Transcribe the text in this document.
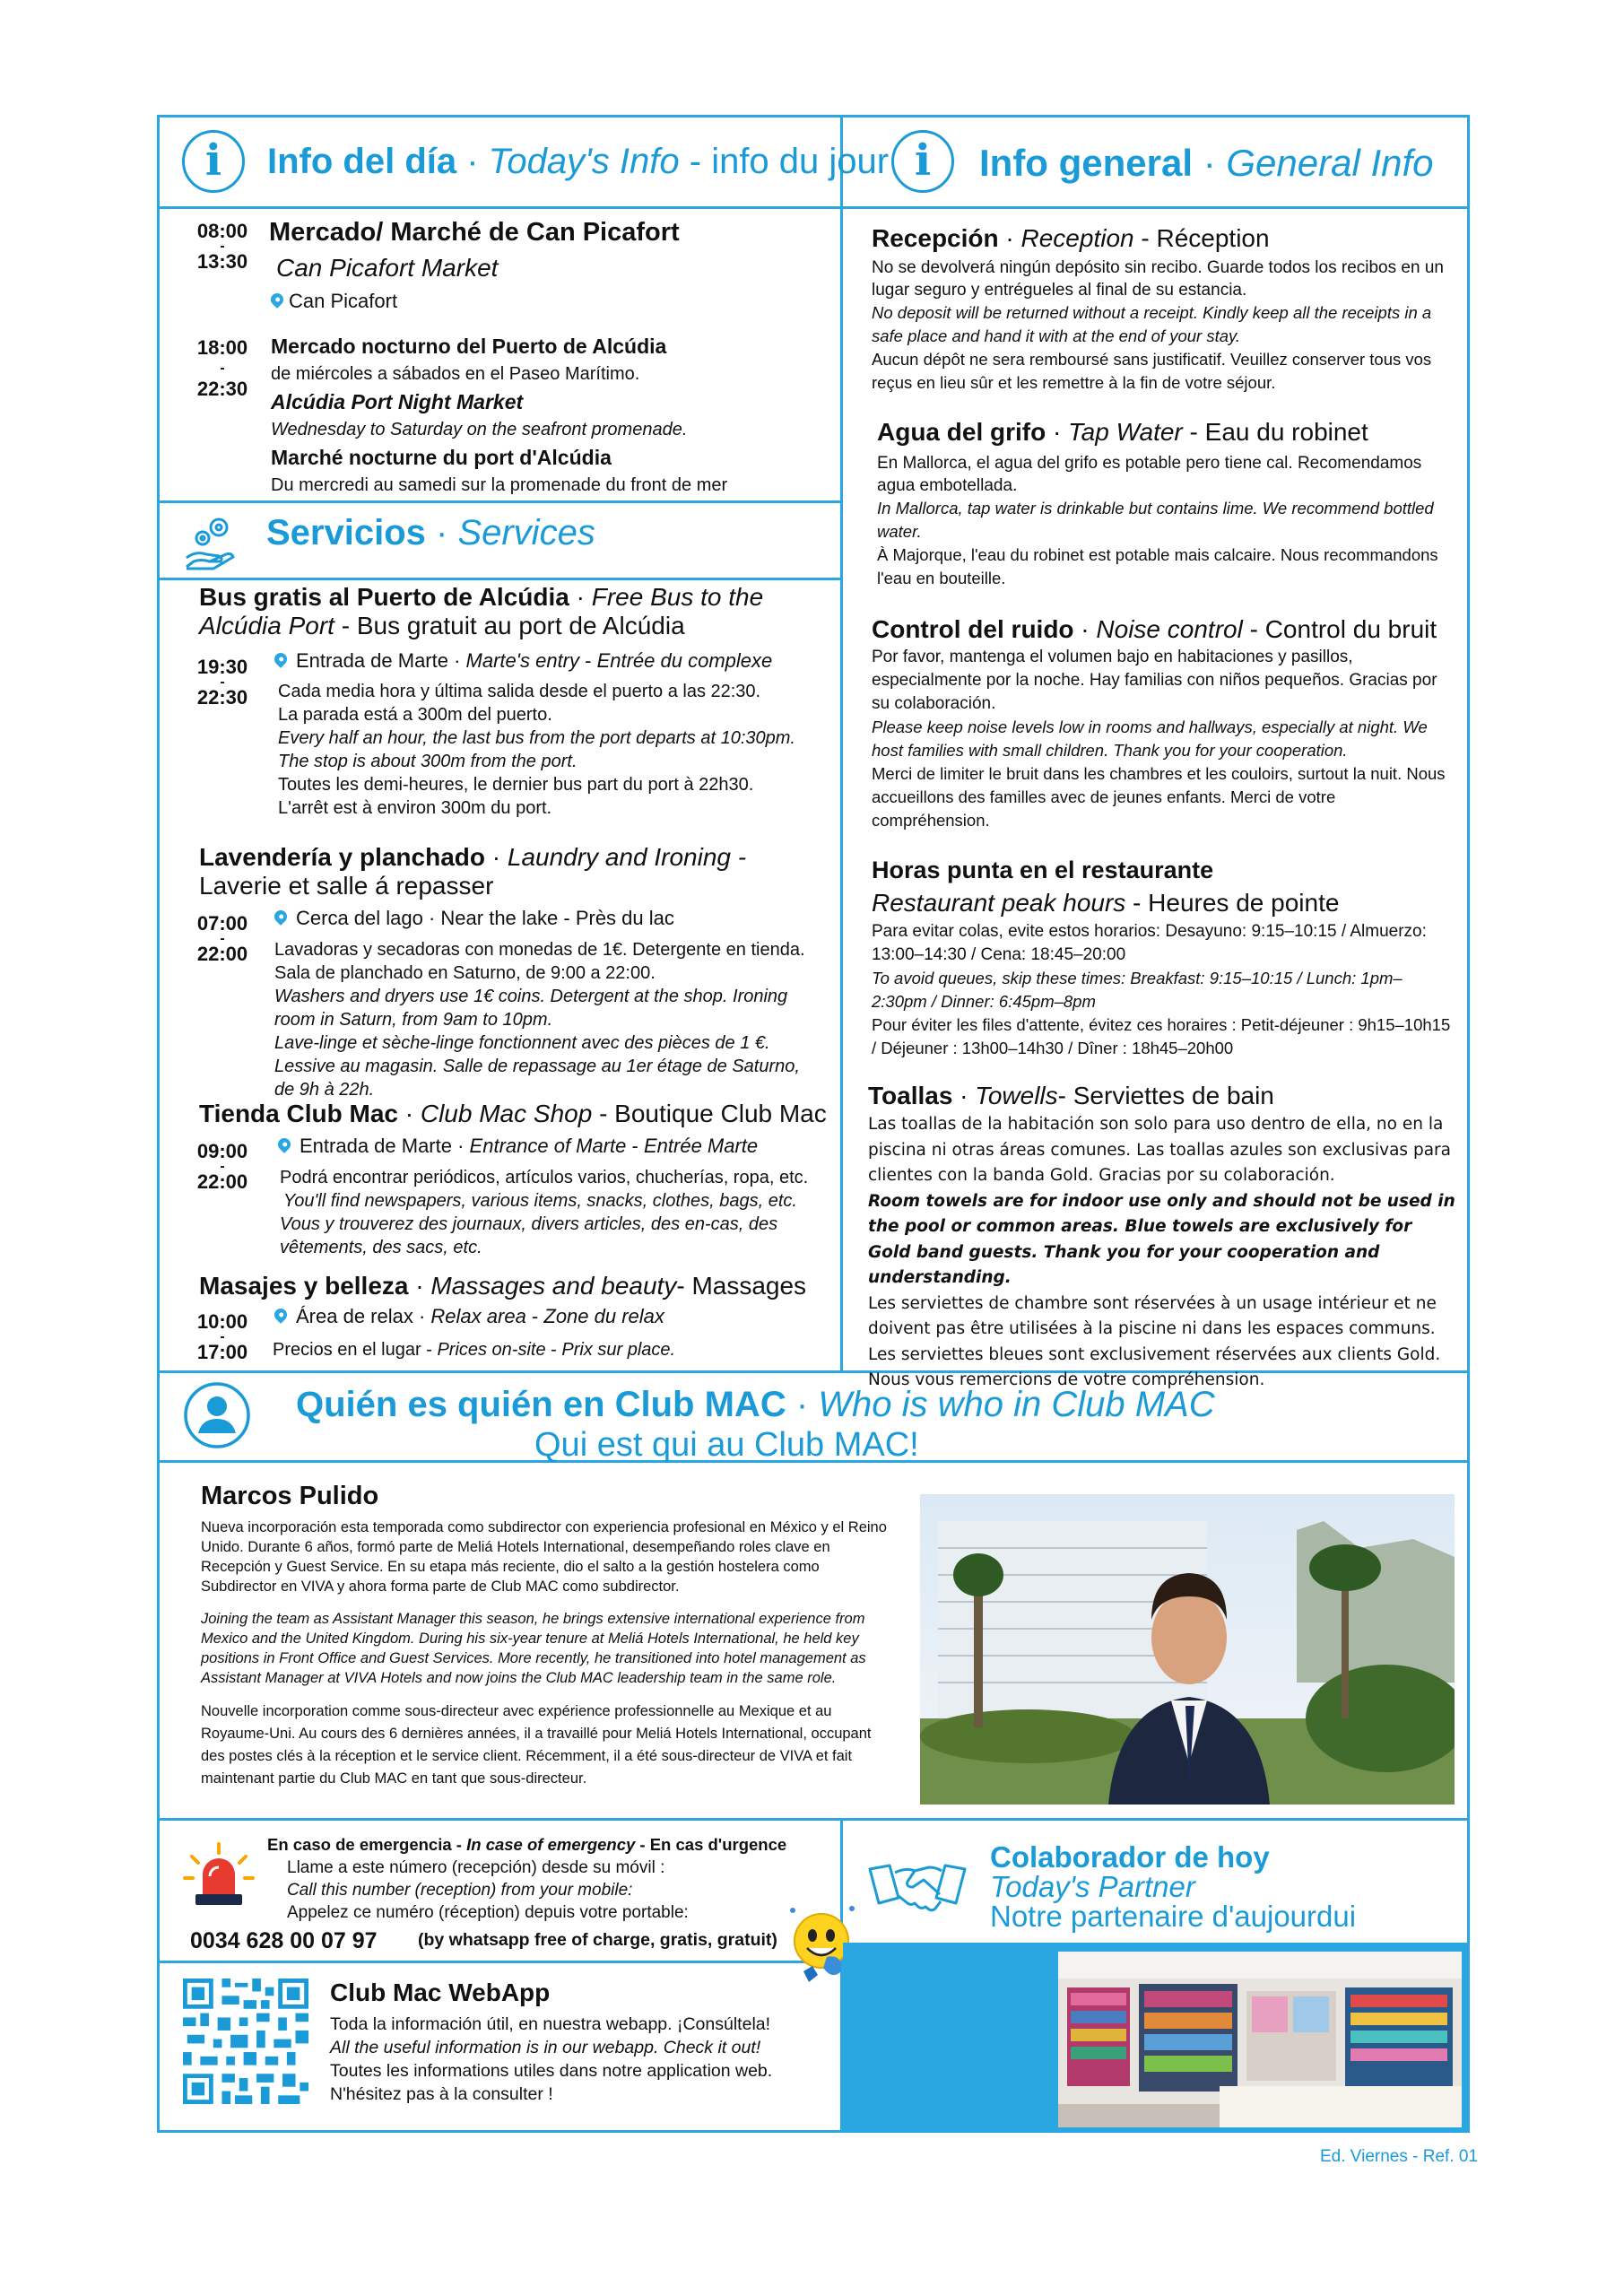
i	Info del día · Today's Info - info du jour
08:00
-
13:30
Mercado/ Marché de Can Picafort
Can Picafort Market
Can Picafort
18:00
-
22:30

Mercado nocturno del Puerto de Alcúdia

de miércoles a sábados en el Paseo Marítimo.

Alcúdia Port Night Market

Wednesday to Saturday on the seafront promenade.

Marché nocturne du port d'Alcúdia

Du mercredi au samedi sur la promenade du front de mer

Servicios · Services
Bus gratis al Puerto de Alcúdia · Free Bus to the Alcúdia Port - Bus gratuit au port de Alcúdia
19:30
-
22:30
Entrada de Marte · Marte's entry - Entrée du complexe

Cada media hora y última salida desde el puerto a las 22:30.

La parada está a 300m del puerto.

Every half an hour, the last bus from the port departs at 10:30pm.

The stop is about 300m from the port.

Toutes les demi-heures, le dernier bus part du port à 22h30.

L'arrêt est à environ 300m du port.

Lavendería y planchado · Laundry and Ironing -
Laverie et salle á repasser
07:00
-
22:00
Cerca del lago · Near the lake - Près du lac

Lavadoras y secadoras con monedas de 1€. Detergente en tienda.

Sala de planchado en Saturno, de 9:00 a 22:00.

Washers and dryers use 1€ coins. Detergent at the shop. Ironing room in Saturn, from 9am to 10pm.

Lave-linge et sèche-linge fonctionnent avec des pièces de 1 €. Lessive au magasin. Salle de repassage au 1er étage de Saturno, de 9h à 22h.

Tienda Club Mac · Club Mac Shop - Boutique Club Mac
09:00
-
22:00
Entrada de Marte · Entrance of Marte - Entrée Marte

Podrá encontrar periódicos, artículos varios, chucherías, ropa, etc.

You'll find newspapers, various items, snacks, clothes, bags, etc.

Vous y trouverez des journaux, divers articles, des en-cas, des vêtements, des sacs, etc.

Masajes y belleza · Massages and beauty- Massages
10:00
-
17:00
Área de relax · Relax area - Zone du relax
Precios en el lugar - Prices on-site - Prix sur place.
i	Info general · General Info

Recepción · Reception - Réception

No se devolverá ningún depósito sin recibo. Guarde todos los recibos en un lugar seguro y entrégueles al final de su estancia.

No deposit will be returned without a receipt. Kindly keep all the receipts in a safe place and hand it with at the end of your stay.

Aucun dépôt ne sera remboursé sans justificatif. Veuillez conserver tous vos reçus en lieu sûr et les remettre à la fin de votre séjour.

Agua del grifo · Tap Water - Eau du robinet

En Mallorca, el agua del grifo es potable pero tiene cal. Recomendamos agua embotellada.

In Mallorca, tap water is drinkable but contains lime. We recommend bottled water.

À Majorque, l'eau du robinet est potable mais calcaire. Nous recommandons l'eau en bouteille.

Control del ruido · Noise control - Control du bruit

Por favor, mantenga el volumen bajo en habitaciones y pasillos, especialmente por la noche. Hay familias con niños pequeños. Gracias por su colaboración.

Please keep noise levels low in rooms and hallways, especially at night. We host families with small children. Thank you for your cooperation.

Merci de limiter le bruit dans les chambres et les couloirs, surtout la nuit. Nous accueillons des familles avec de jeunes enfants. Merci de votre compréhension.

Horas punta en el restaurante

Restaurant peak hours - Heures de pointe

Para evitar colas, evite estos horarios: Desayuno: 9:15–10:15 / Almuerzo: 13:00–14:30 / Cena: 18:45–20:00

To avoid queues, skip these times: Breakfast: 9:15–10:15 / Lunch: 1pm–2:30pm / Dinner: 6:45pm–8pm

Pour éviter les files d'attente, évitez ces horaires : Petit-déjeuner : 9h15–10h15 / Déjeuner : 13h00–14h30 / Dîner : 18h45–20h00

Toallas · Towells- Serviettes de bain

Las toallas de la habitación son solo para uso dentro de ella, no en la piscina ni otras áreas comunes. Las toallas azules son exclusivas para clientes con la banda Gold. Gracias por su colaboración.

Room towels are for indoor use only and should not be used in the pool or common areas. Blue towels are exclusively for Gold band guests. Thank you for your cooperation and understanding.

Les serviettes de chambre sont réservées à un usage intérieur et ne doivent pas être utilisées à la piscine ni dans les espaces communs. Les serviettes bleues sont exclusivement réservées aux clients Gold. Nous vous remercions de votre compréhension.

Quién es quién en Club MAC · Who is who in Club MAC
Qui est qui au Club MAC!
Marcos Pulido

Nueva incorporación esta temporada como subdirector con experiencia profesional en México y el Reino Unido. Durante 6 años, formó parte de Meliá Hotels International, desempeñando roles clave en Recepción y Guest Service. En su etapa más reciente, dio el salto a la gestión hostelera como Subdirector en VIVA y ahora forma parte de Club MAC como subdirector.

Joining the team as Assistant Manager this season, he brings extensive international experience from Mexico and the United Kingdom. During his six-year tenure at Meliá Hotels International, he held key positions in Front Office and Guest Services. More recently, he transitioned into hotel management as Assistant Manager at VIVA Hotels and now joins the Club MAC leadership team in the same role.

Nouvelle incorporation comme sous-directeur avec expérience professionnelle au Mexique et au Royaume-Uni. Au cours des 6 dernières années, il a travaillé pour Meliá Hotels International, occupant des postes clés à la réception et le service client. Récemment, il a été sous-directeur de VIVA et fait maintenant partie du Club MAC en tant que sous-directeur.

En caso de emergencia - In case of emergency - En cas d'urgence

Llame a este número (recepción) desde su móvil :

Call this number (reception) from your mobile:

Appelez ce numéro (réception) depuis votre portable:

0034 628 00 07 97 (by whatsapp free of charge, gratis, gratuit)

Club Mac WebApp

Toda la información útil, en nuestra webapp. ¡Consúltela!

All the useful information is in our webapp. Check it out!

Toutes les informations utiles dans notre application web.

N'hésitez pas à la consulter !

Colaborador de hoy

Today's Partner

Notre partenaire d'aujourdui

Ed. Viernes - Ref. 01
